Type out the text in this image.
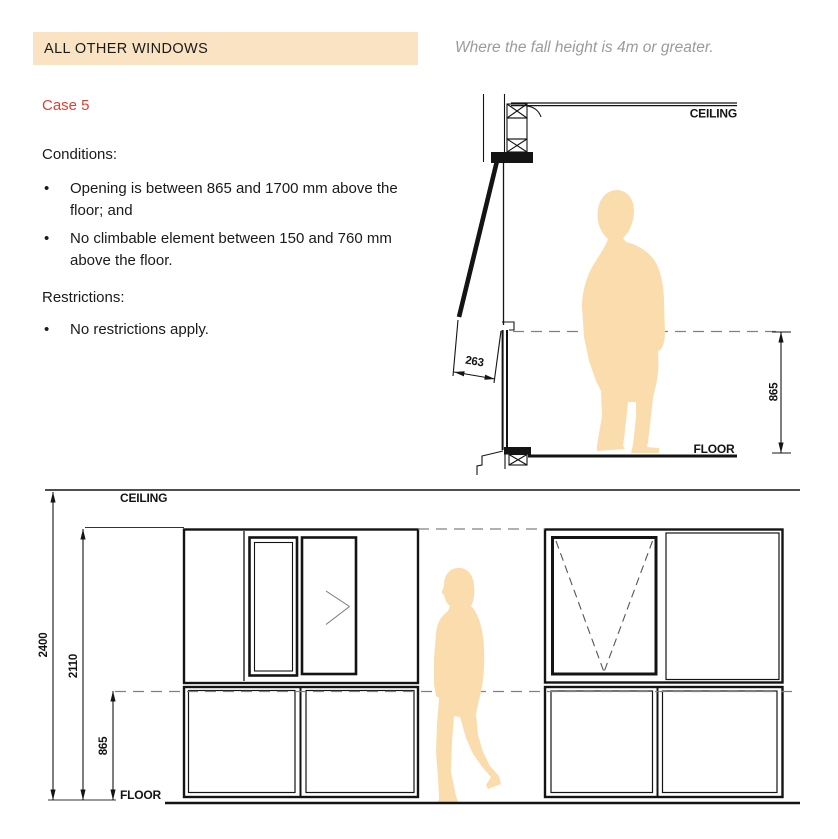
ALL OTHER WINDOWS	Where the fall height is 4m or greater.
Case 5
Conditions:
•
Opening is between 865 and 1700 mm above the floor; and
•
No climbable element between 150 and 760 mm above the floor.
Restrictions:
•
No restrictions apply.
263
865
CEILING
FLOOR
2400
2110
865
CEILING
FLOOR
